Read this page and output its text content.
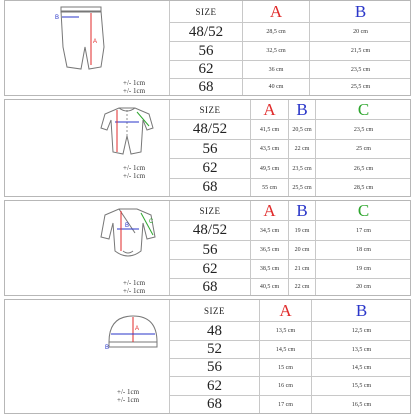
A
B
+/- 1cm
+/- 1cm
SIZE	A	B
48/52	28,5 cm	20 cm
56	32,5 cm	21,5 cm
62	36 cm	23,5 cm
68	40 cm	25,5 cm
+/- 1cm
+/- 1cm
SIZE	A	B	C
48/52	41,5 cm	20,5 cm	23,5 cm
56	43,5 cm	22 cm	25 cm
62	49,5 cm	23,5 cm	26,5 cm
68	55 cm	25,5 cm	28,5 cm
B
C
+/- 1cm
+/- 1cm
SIZE	A	B	C
48/52	34,5 cm	19 cm	17 cm
56	36,5 cm	20 cm	18 cm
62	38,5 cm	21 cm	19 cm
68	40,5 cm	22 cm	20 cm
A
B
+/- 1cm
+/- 1cm
SIZE	A	B
48	13,5 cm	12,5 cm
52	14,5 cm	13,5 cm
56	15 cm	14,5 cm
62	16 cm	15,5 cm
68	17 cm	16,5 cm
